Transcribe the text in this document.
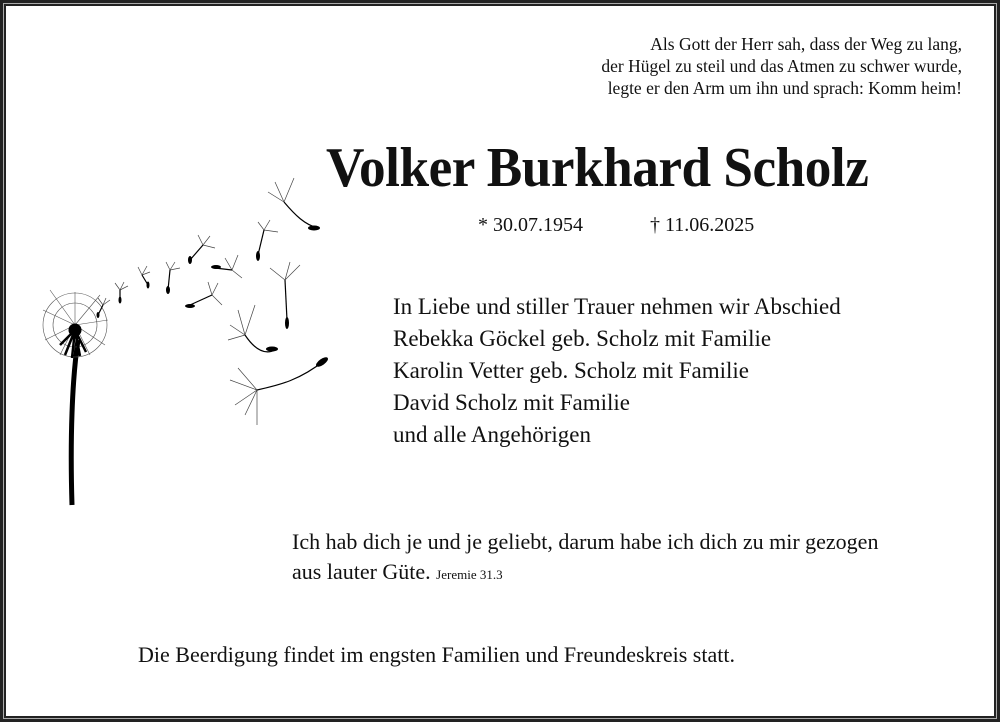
Als Gott der Herr sah, dass der Weg zu lang,
der Hügel zu steil und das Atmen zu schwer wurde,
legte er den Arm um ihn und sprach: Komm heim!
Volker Burkhard Scholz
* 30.07.1954	† 11.06.2025
In Liebe und stiller Trauer nehmen wir Abschied
Rebekka Göckel geb. Scholz mit Familie
Karolin Vetter geb. Scholz mit Familie
David Scholz mit Familie
und alle Angehörigen
Ich hab dich je und je geliebt, darum habe ich dich zu mir gezogen
aus lauter Güte. Jeremie 31.3
Die Beerdigung findet im engsten Familien und Freundeskreis statt.
